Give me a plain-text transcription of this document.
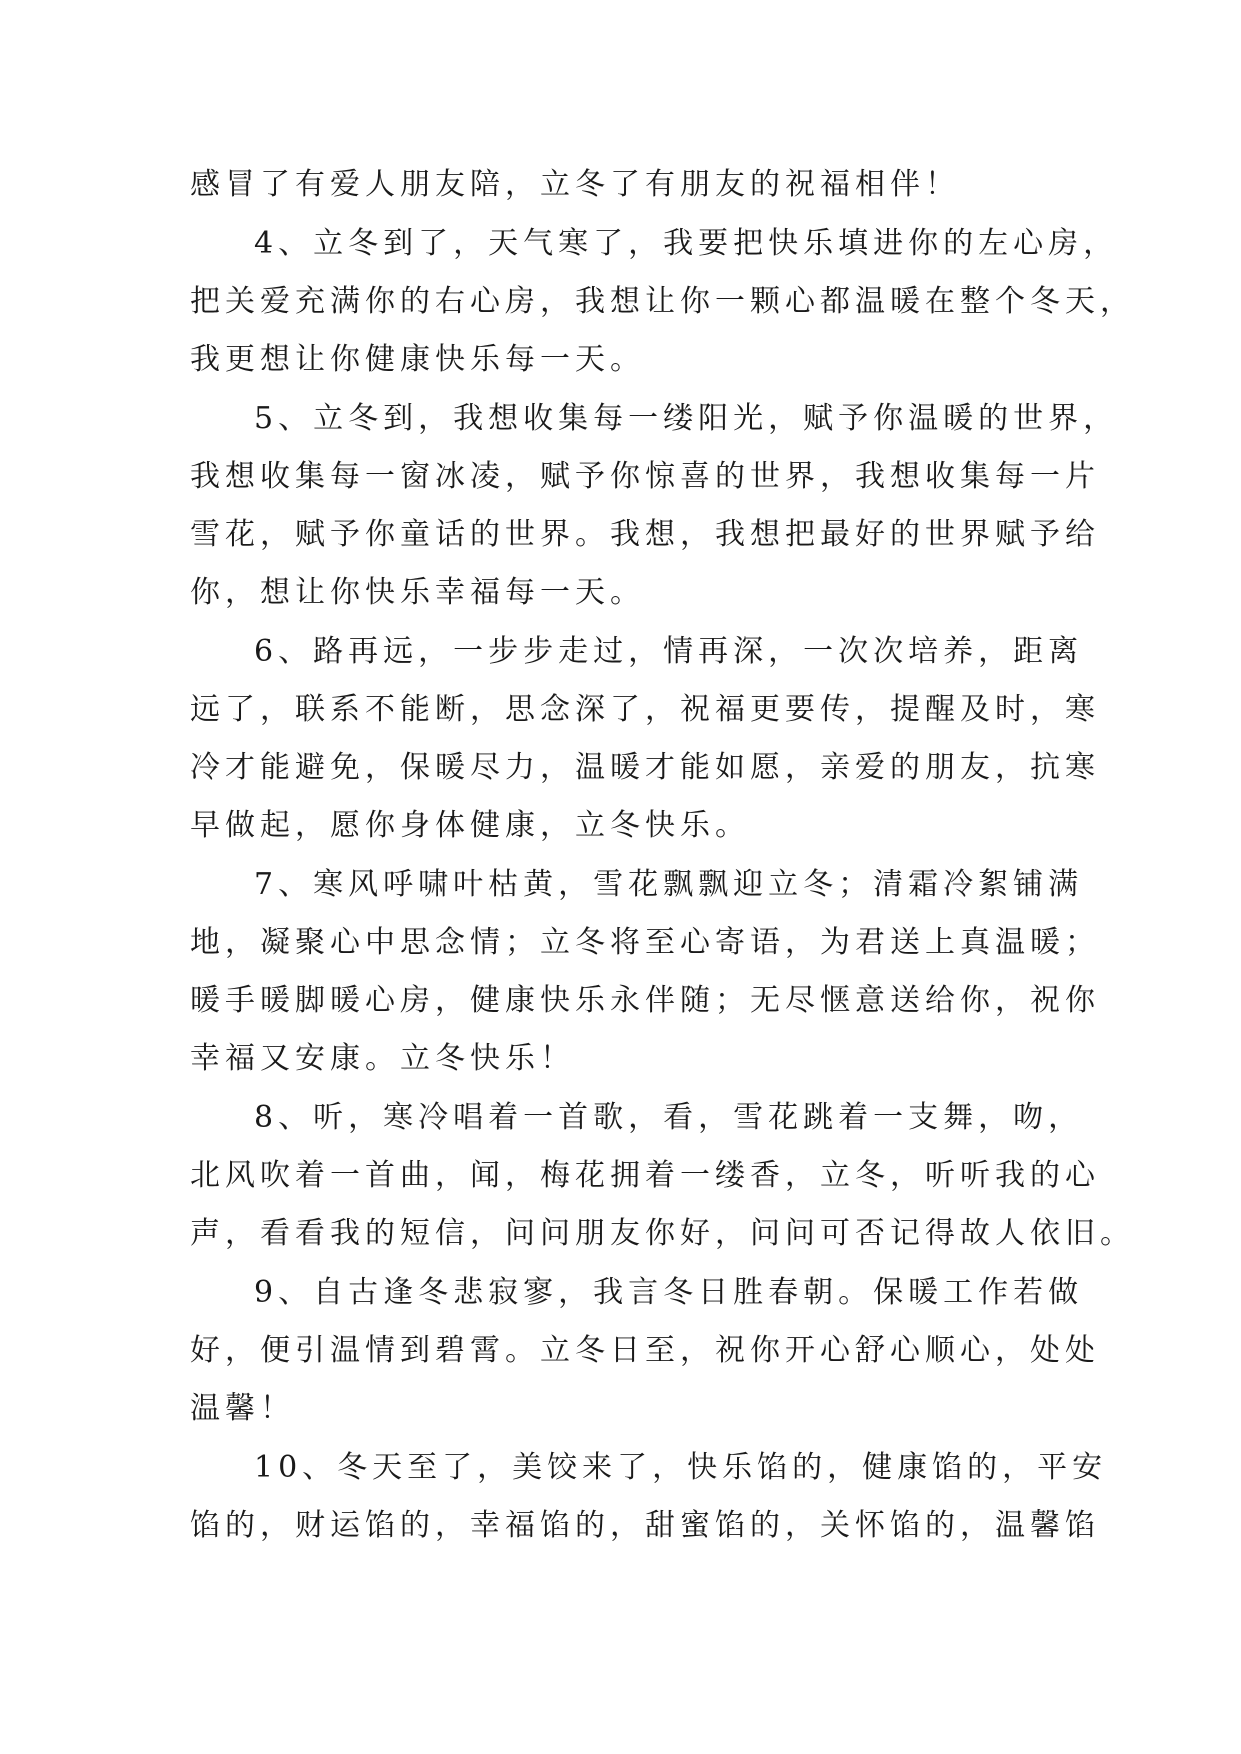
感冒了有爱人朋友陪，立冬了有朋友的祝福相伴！
4、立冬到了，天气寒了，我要把快乐填进你的左心房，
把关爱充满你的右心房，我想让你一颗心都温暖在整个冬天，
我更想让你健康快乐每一天。
5、立冬到，我想收集每一缕阳光，赋予你温暖的世界，
我想收集每一窗冰凌，赋予你惊喜的世界，我想收集每一片
雪花，赋予你童话的世界。我想，我想把最好的世界赋予给
你，想让你快乐幸福每一天。
6、路再远，一步步走过，情再深，一次次培养，距离
远了，联系不能断，思念深了，祝福更要传，提醒及时，寒
冷才能避免，保暖尽力，温暖才能如愿，亲爱的朋友，抗寒
早做起，愿你身体健康，立冬快乐。
7、寒风呼啸叶枯黄，雪花飘飘迎立冬；清霜冷絮铺满
地，凝聚心中思念情；立冬将至心寄语，为君送上真温暖；
暖手暖脚暖心房，健康快乐永伴随；无尽惬意送给你，祝你
幸福又安康。立冬快乐！
8、听，寒冷唱着一首歌，看，雪花跳着一支舞，吻，
北风吹着一首曲，闻，梅花拥着一缕香，立冬，听听我的心
声，看看我的短信，问问朋友你好，问问可否记得故人依旧。
9、自古逢冬悲寂寥，我言冬日胜春朝。保暖工作若做
好，便引温情到碧霄。立冬日至，祝你开心舒心顺心，处处
温馨！
10、冬天至了，美饺来了，快乐馅的，健康馅的，平安
馅的，财运馅的，幸福馅的，甜蜜馅的，关怀馅的，温馨馅
